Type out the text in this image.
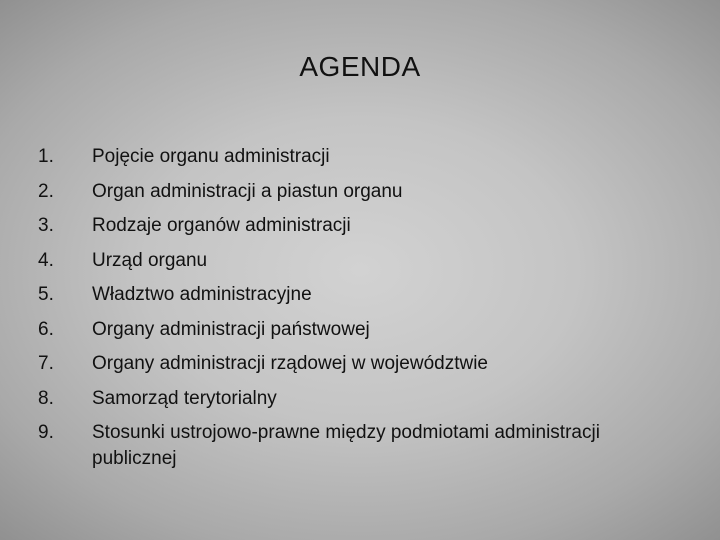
AGENDA
1.	Pojęcie organu administracji
2.	Organ administracji a piastun organu
3.	Rodzaje organów administracji
4.	Urząd organu
5.	Władztwo administracyjne
6.	Organy administracji państwowej
7.	Organy administracji rządowej w województwie
8.	Samorząd terytorialny
9.	Stosunki ustrojowo-prawne między podmiotami administracji publicznej
